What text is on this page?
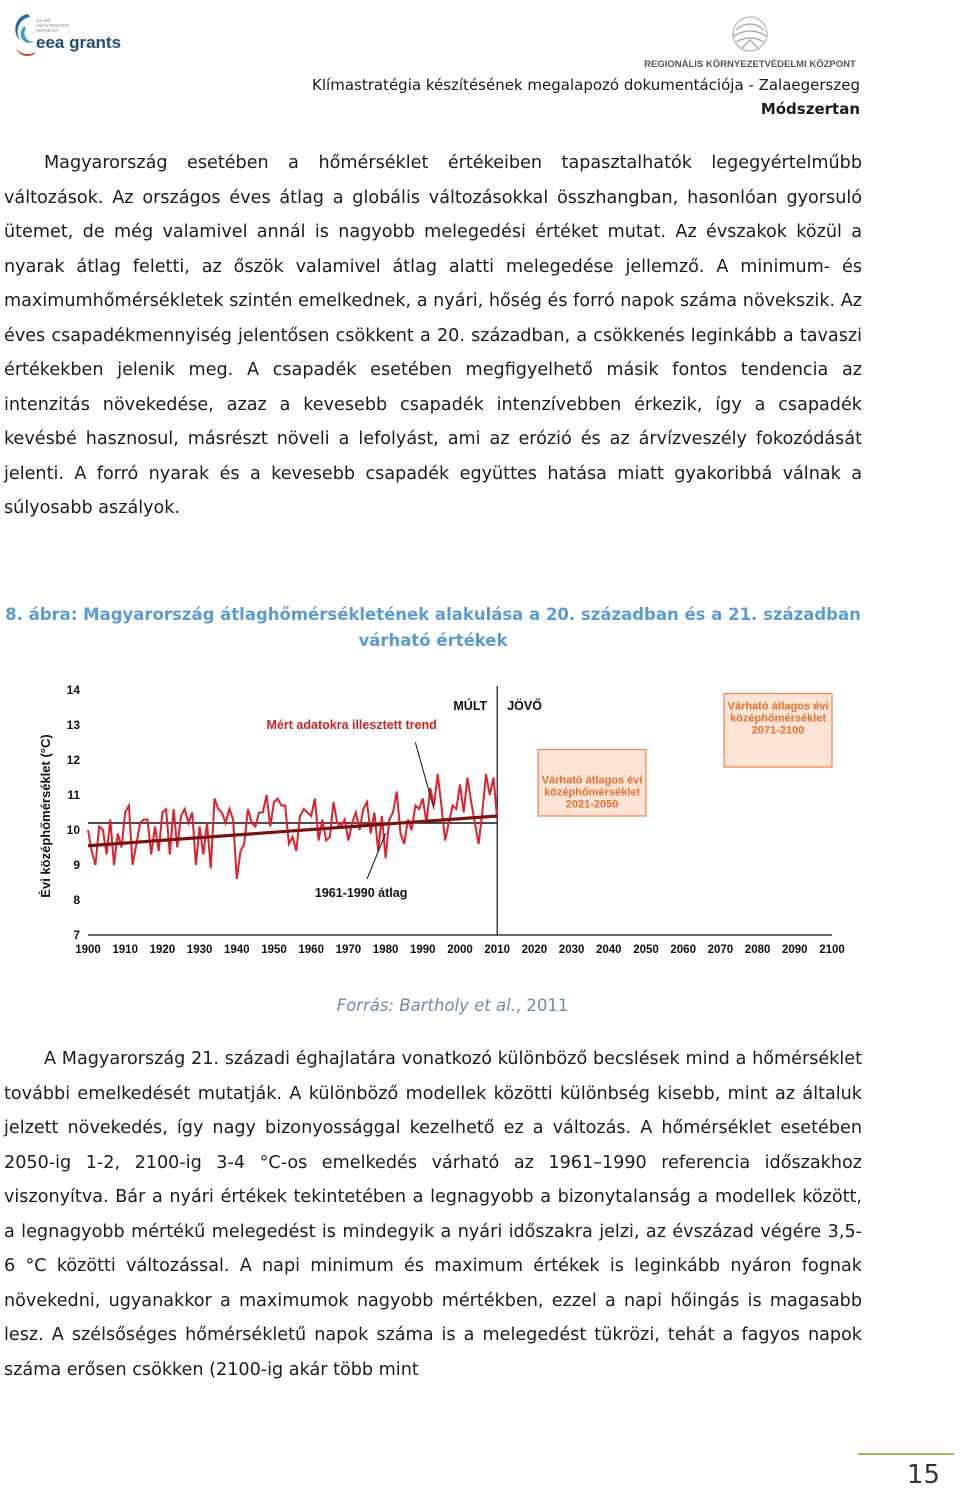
IZLAND
LIECHTENSTEIN
NORVÉGIA
eea grants
REGIONÁLIS KÖRNYEZETVÉDELMI KÖZPONT
Klímastratégia készítésének megalapozó dokumentációja - Zalaegerszeg
Módszertan

Magyarország esetében a hőmérséklet értékeiben tapasztalhatók legegyértelműbb változások. Az országos éves átlag a globális változásokkal összhangban, hasonlóan gyorsuló ütemet, de még valamivel annál is nagyobb melegedési értéket mutat. Az évszakok közül a nyarak átlag feletti, az őszök valamivel átlag alatti melegedése jellemző. A minimum- és maximumhőmérsékletek szintén emelkednek, a nyári, hőség és forró napok száma növekszik. Az éves csapadékmennyiség jelentősen csökkent a 20. században, a csökkenés leginkább a tavaszi értékekben jelenik meg. A csapadék esetében megfigyelhető másik fontos tendencia az intenzitás növekedése, azaz a kevesebb csapadék intenzívebben érkezik, így a csapadék kevésbé hasznosul, másrészt növeli a lefolyást, ami az erózió és az árvízveszély fokozódását jelenti. A forró nyarak és a kevesebb csapadék együttes hatása miatt gyakoribbá válnak a súlyosabb aszályok.

8. ábra: Magyarország átlaghőmérsékletének alakulása a 20. században és a 21. században
várható értékek
Évi középhőmérséklet (°C)	Várható átlagos évi
középhőmérséklet
2021-2050
Várható átlagos évi
középhőmérséklet
2071-2100
MÚLT JÖVŐ
Mért adatokra illesztett trend
1961-1990 átlag
7
8
9
10
11
12
13
14
1900 1910 1920 1930 1940 1950 1960 1970 1980 1990 2000 2010 2020 2030 2040 2050 2060 2070 2080 2090 2100
Forrás: Bartholy et al., 2011

A Magyarország 21. századi éghajlatára vonatkozó különböző becslések mind a hőmérséklet további emelkedését mutatják. A különböző modellek közötti különbség kisebb, mint az általuk jelzett növekedés, így nagy bizonyossággal kezelhető ez a változás. A hőmérséklet esetében 2050-ig 1-2, 2100-ig 3-4 °C-os emelkedés várható az 1961–1990 referencia időszakhoz viszonyítva. Bár a nyári értékek tekintetében a legnagyobb a bizonytalanság a modellek között, a legnagyobb mértékű melegedést is mindegyik a nyári időszakra jelzi, az évszázad végére 3,5-6 °C közötti változással. A napi minimum és maximum értékek is leginkább nyáron fognak növekedni, ugyanakkor a maximumok nagyobb mértékben, ezzel a napi hőingás is magasabb lesz. A szélsőséges hőmérsékletű napok száma is a melegedést tükrözi, tehát a fagyos napok száma erősen csökken (2100-ig akár több mint

15
